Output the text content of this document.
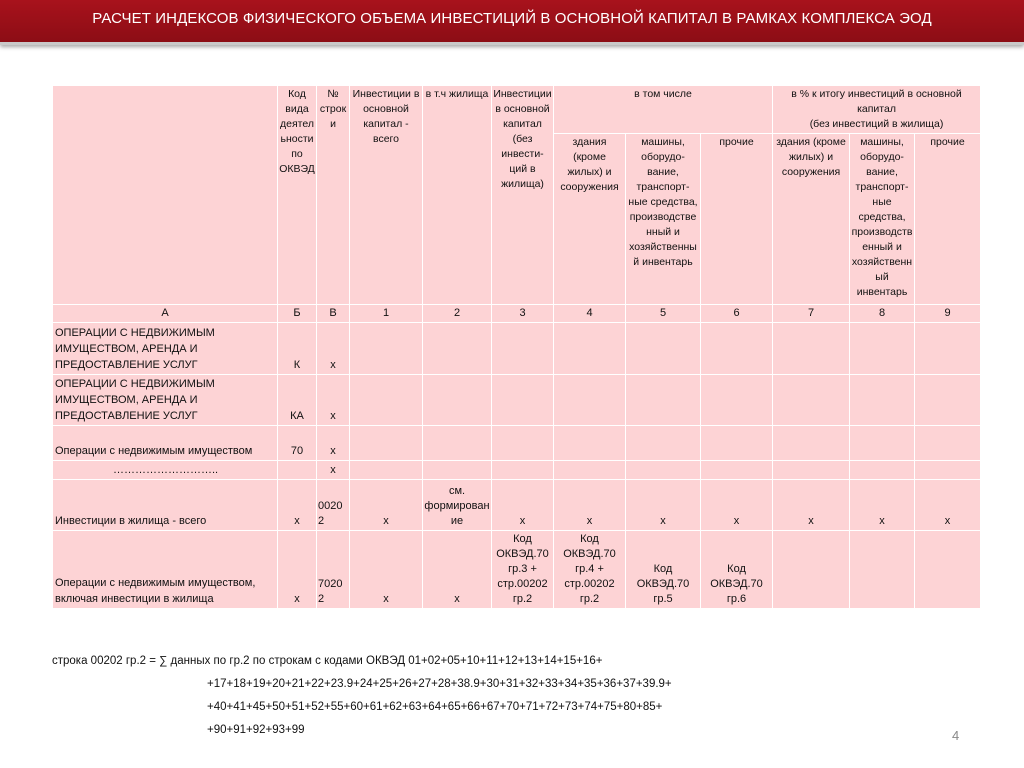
РАСЧЕТ ИНДЕКСОВ ФИЗИЧЕСКОГО ОБЪЕМА ИНВЕСТИЦИЙ В ОСНОВНОЙ КАПИТАЛ В РАМКАХ КОМПЛЕКСА ЭОД
	Код вида деятельности по ОКВЭД	№ строки	Инвестиции в основной капитал - всего	в т.ч жилища	Инвестиции в основной капитал (без инвести-ций в жилища)	в том числе			в % к итогу инвестиций в основной капитал
(без инвестиций в жилища)		

						здания (кроме жилых) и сооружения	машины, оборудо-вание, транспорт-ные средства, производственный и хозяйственный инвентарь	прочие	здания (кроме жилых) и сооружения	машины, оборудо-вание, транспорт-ные средства, производственный и хозяйственный инвентарь	прочие
А	Б	В	1	2	3	4	5	6	7	8	9
ОПЕРАЦИИ С НЕДВИЖИМЫМ ИМУЩЕСТВОМ, АРЕНДА И ПРЕДОСТАВЛЕНИЕ УСЛУГ	К	х									
ОПЕРАЦИИ С НЕДВИЖИМЫМ ИМУЩЕСТВОМ, АРЕНДА И ПРЕДОСТАВЛЕНИЕ УСЛУГ	КА	х									
Операции с недвижимым имуществом	70	х									
………………………..		х									
Инвестиции в жилища - всего	х	00202	х	см. формирование	х	х	х	х	х	х	х
Операции с недвижимым имуществом, включая инвестиции в жилища	х	70202	х	х	Код ОКВЭД.70 гр.3 + стр.00202 гр.2	Код ОКВЭД.70 гр.4 + стр.00202 гр.2	Код ОКВЭД.70 гр.5	Код ОКВЭД.70 гр.6			
строка 00202 гр.2 = ∑ данных по гр.2 по строкам с кодами ОКВЭД 01+02+05+10+11+12+13+14+15+16+
+17+18+19+20+21+22+23.9+24+25+26+27+28+38.9+30+31+32+33+34+35+36+37+39.9+
+40+41+45+50+51+52+55+60+61+62+63+64+65+66+67+70+71+72+73+74+75+80+85+
+90+91+92+93+99	4
